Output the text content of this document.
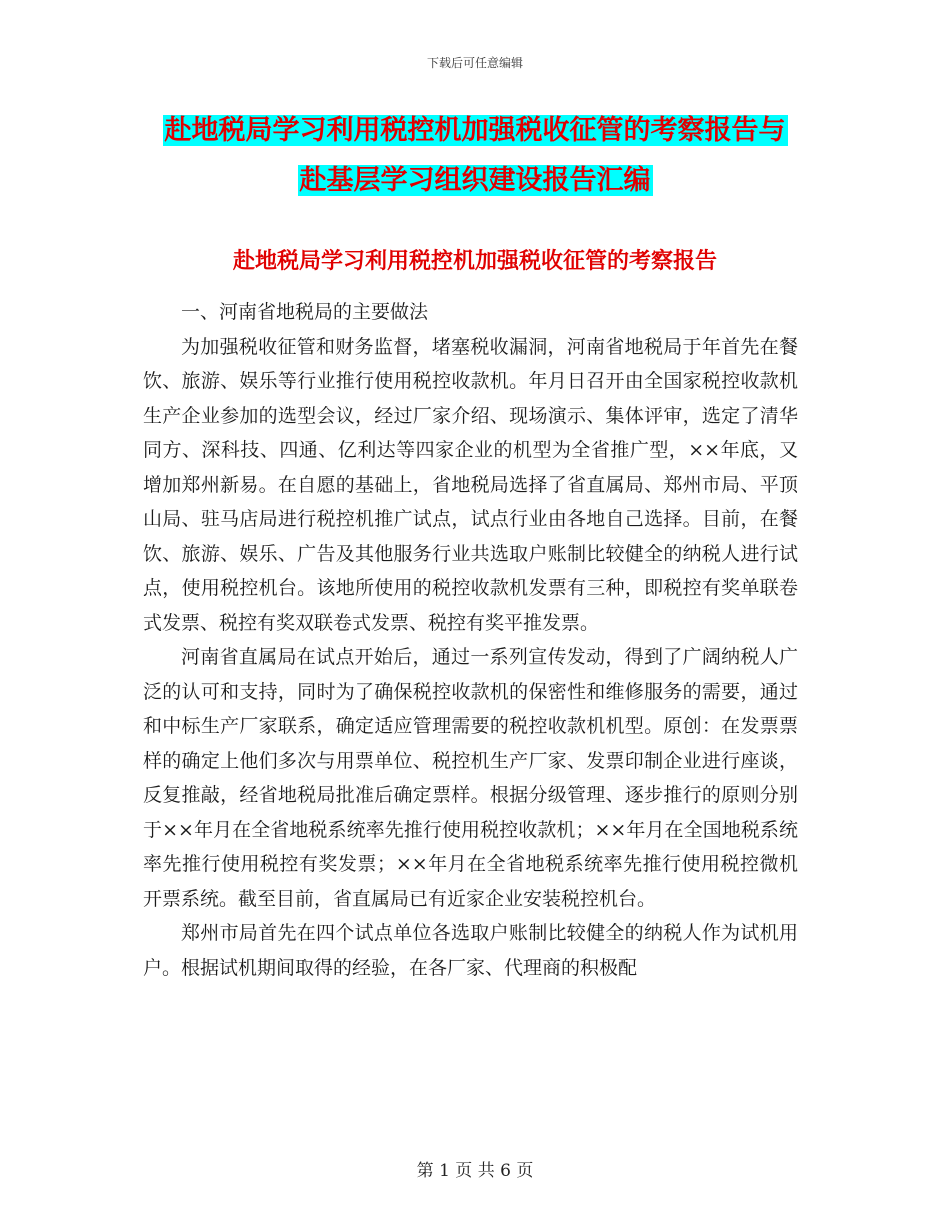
下载后可任意编辑
赴地税局学习利用税控机加强税收征管的考察报告与
赴基层学习组织建设报告汇编
赴地税局学习利用税控机加强税收征管的考察报告

一、河南省地税局的主要做法

为加强税收征管和财务监督，堵塞税收漏洞，河南省地税局于年首先在餐饮、旅游、娱乐等行业推行使用税控收款机。年月日召开由全国家税控收款机生产企业参加的选型会议，经过厂家介绍、现场演示、集体评审，选定了清华同方、深科技、四通、亿利达等四家企业的机型为全省推广型，××年底，又增加郑州新易。在自愿的基础上，省地税局选择了省直属局、郑州市局、平顶山局、驻马店局进行税控机推广试点，试点行业由各地自己选择。目前，在餐饮、旅游、娱乐、广告及其他服务行业共选取户账制比较健全的纳税人进行试点，使用税控机台。该地所使用的税控收款机发票有三种，即税控有奖单联卷式发票、税控有奖双联卷式发票、税控有奖平推发票。

河南省直属局在试点开始后，通过一系列宣传发动，得到了广阔纳税人广泛的认可和支持，同时为了确保税控收款机的保密性和维修服务的需要，通过和中标生产厂家联系，确定适应管理需要的税控收款机机型。原创：在发票票样的确定上他们多次与用票单位、税控机生产厂家、发票印制企业进行座谈，反复推敲，经省地税局批准后确定票样。根据分级管理、逐步推行的原则分别于××年月在全省地税系统率先推行使用税控收款机；××年月在全国地税系统率先推行使用税控有奖发票；××年月在全省地税系统率先推行使用税控微机开票系统。截至目前，省直属局已有近家企业安装税控机台。

郑州市局首先在四个试点单位各选取户账制比较健全的纳税人作为试机用户。根据试机期间取得的经验，在各厂家、代理商的积极配

第 1 页 共 6 页
